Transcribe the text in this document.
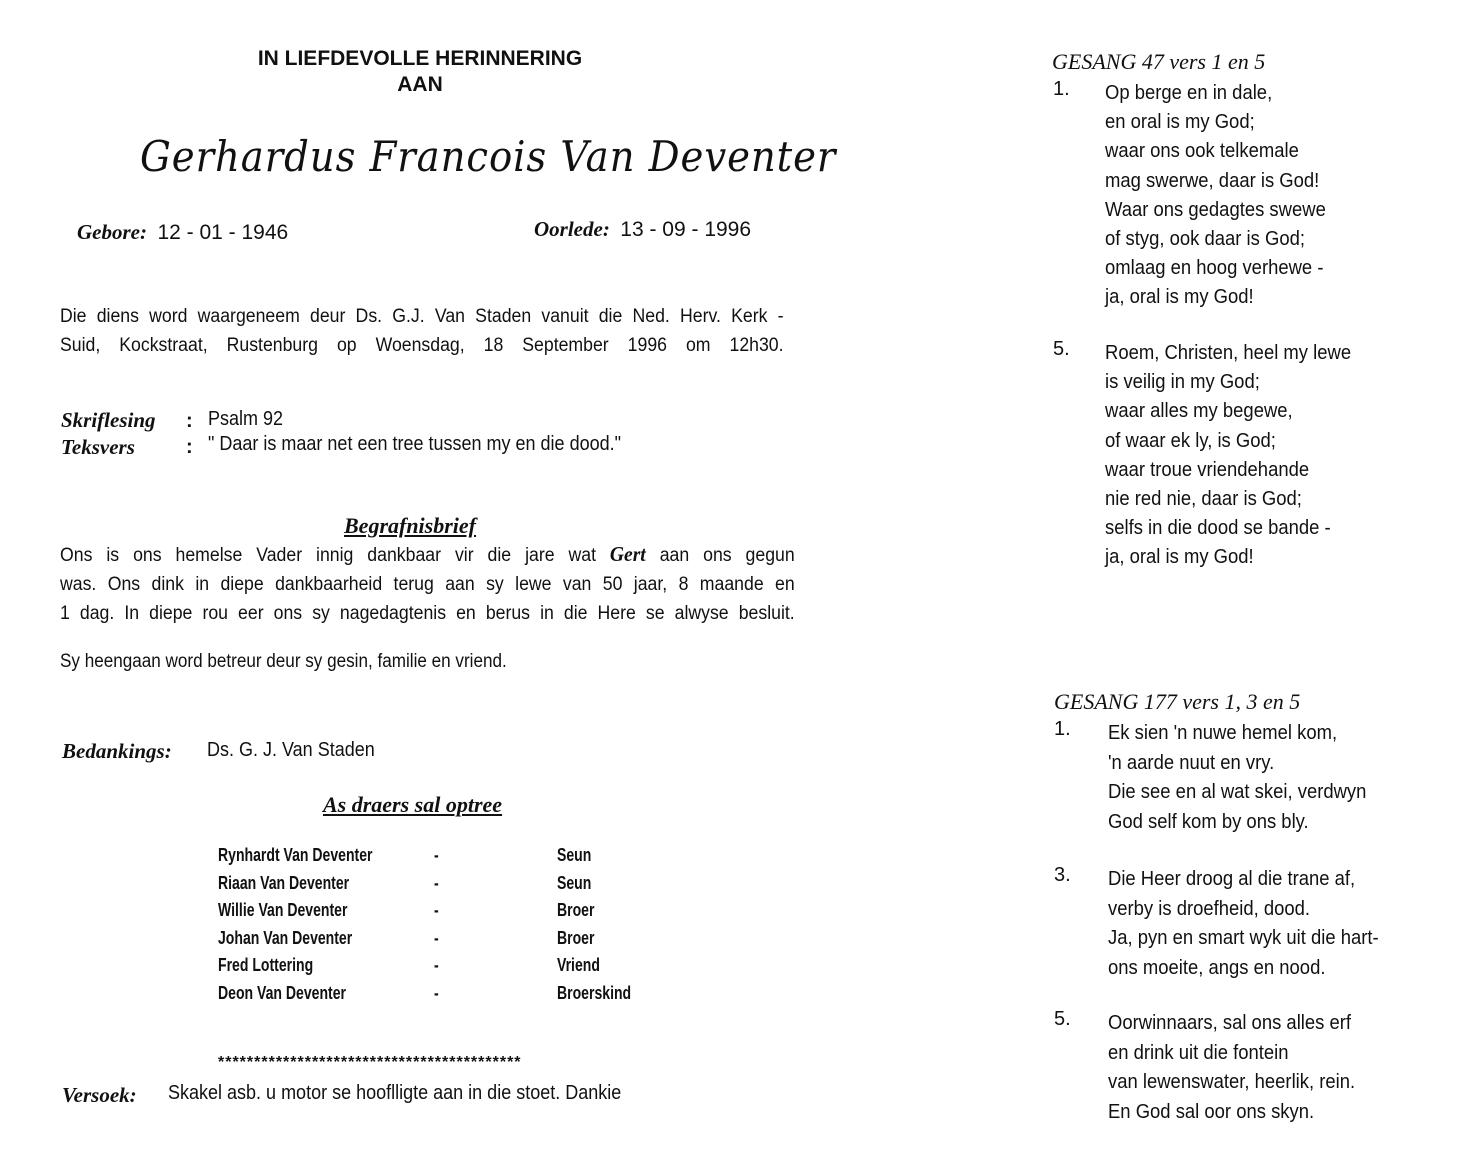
IN LIEFDEVOLLE HERINNERING
AAN
Gerhardus Francois Van Deventer
Gebore: 12 - 01 - 1946	Oorlede: 13 - 09 - 1996

Die diens word waargeneem deur Ds. G.J. Van Staden vanuit die Ned. Herv. Kerk -

Suid, Kockstraat, Rustenburg op Woensdag, 18 September 1996 om 12h30.

Skriflesing : Psalm 92
Teksvers	: " Daar is maar net een tree tussen my en die dood."
Begrafnisbrief

Ons is ons hemelse Vader innig dankbaar vir die jare wat Gert aan ons gegun

was. Ons dink in diepe dankbaarheid terug aan sy lewe van 50 jaar, 8 maande en

1 dag. In diepe rou eer ons sy nagedagtenis en berus in die Here se alwyse besluit.

Sy heengaan word betreur deur sy gesin, familie en vriend.
Bedankings: Ds. G. J. Van Staden
As draers sal optree
Rynhardt Van Deventer	-	Seun
Riaan Van Deventer	-	Seun
Willie Van Deventer	-	Broer
Johan Van Deventer	-	Broer
Fred Lottering	-	Vriend
Deon Van Deventer	-	Broerskind
******************************************
Versoek: Skakel asb. u motor se hooflligte aan in die stoet. Dankie
GESANG 47 vers 1 en 5
1. Op berge en in dale,
en oral is my God;
waar ons ook telkemale
mag swerwe, daar is God!
Waar ons gedagtes swewe
of styg, ook daar is God;
omlaag en hoog verhewe -
ja, oral is my God!
5. Roem, Christen, heel my lewe
is veilig in my God;
waar alles my begewe,
of waar ek ly, is God;
waar troue vriendehande
nie red nie, daar is God;
selfs in die dood se bande -
ja, oral is my God!
GESANG 177 vers 1, 3 en 5
1. Ek sien 'n nuwe hemel kom,
'n aarde nuut en vry.
Die see en al wat skei, verdwyn
God self kom by ons bly.
3. Die Heer droog al die trane af,
verby is droefheid, dood.
Ja, pyn en smart wyk uit die hart-
ons moeite, angs en nood.
5. Oorwinnaars, sal ons alles erf
en drink uit die fontein
van lewenswater, heerlik, rein.
En God sal oor ons skyn.
